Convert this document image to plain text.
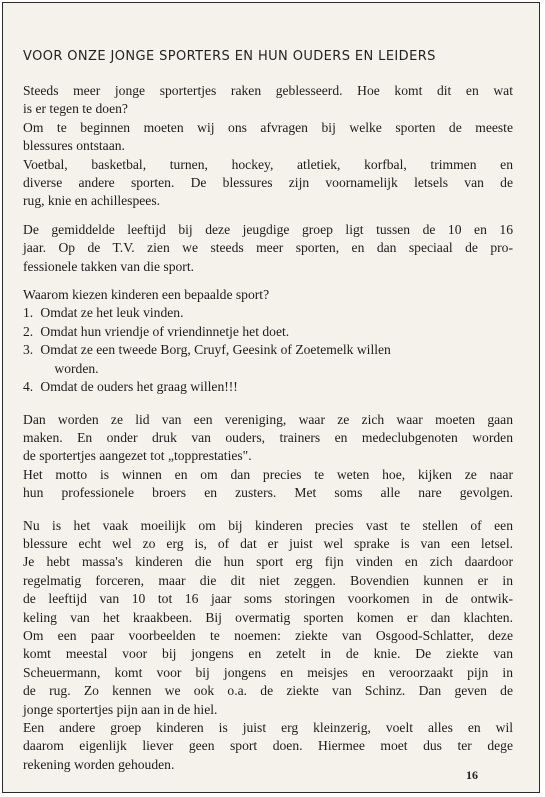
VOOR ONZE JONGE SPORTERS EN HUN OUDERS EN LEIDERS
Steeds meer jonge sportertjes raken geblesseerd. Hoe komt dit en wat
is er tegen te doen?
Om te beginnen moeten wij ons afvragen bij welke sporten de meeste
blessures ontstaan.
Voetbal, basketbal, turnen, hockey, atletiek, korfbal, trimmen en
diverse andere sporten. De blessures zijn voornamelijk letsels van de
rug, knie en achillespees.
De gemiddelde leeftijd bij deze jeugdige groep ligt tussen de 10 en 16
jaar. Op de T.V. zien we steeds meer sporten, en dan speciaal de pro-
fessionele takken van die sport.
Waarom kiezen kinderen een bepaalde sport?
1. Omdat ze het leuk vinden.
2. Omdat hun vriendje of vriendinnetje het doet.
3. Omdat ze een tweede Borg, Cruyf, Geesink of Zoetemelk willen
worden.
4. Omdat de ouders het graag willen!!!
Dan worden ze lid van een vereniging, waar ze zich waar moeten gaan
maken. En onder druk van ouders, trainers en medeclubgenoten worden
de sportertjes aangezet tot „topprestaties".
Het motto is winnen en om dan precies te weten hoe, kijken ze naar
hun professionele broers en zusters. Met soms alle nare gevolgen.
Nu is het vaak moeilijk om bij kinderen precies vast te stellen of een
blessure echt wel zo erg is, of dat er juist wel sprake is van een letsel.
Je hebt massa's kinderen die hun sport erg fijn vinden en zich daardoor
regelmatig forceren, maar die dit niet zeggen. Bovendien kunnen er in
de leeftijd van 10 tot 16 jaar soms storingen voorkomen in de ontwik-
keling van het kraakbeen. Bij overmatig sporten komen er dan klachten.
Om een paar voorbeelden te noemen: ziekte van Osgood-Schlatter, deze
komt meestal voor bij jongens en zetelt in de knie. De ziekte van
Scheuermann, komt voor bij jongens en meisjes en veroorzaakt pijn in
de rug. Zo kennen we ook o.a. de ziekte van Schinz. Dan geven de
jonge sportertjes pijn aan in de hiel.
Een andere groep kinderen is juist erg kleinzerig, voelt alles en wil
daarom eigenlijk liever geen sport doen. Hiermee moet dus ter dege
rekening worden gehouden.
16
